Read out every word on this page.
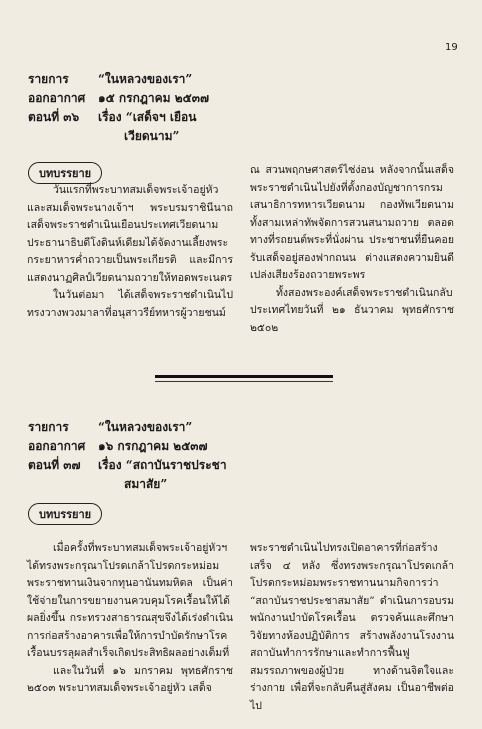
19
รายการ “ในหลวงของเรา”
ออกอากาศ ๑๕ กรกฎาคม ๒๕๓๗
ตอนที่ ๓๖ เรื่อง “เสด็จฯ เยือน
เวียดนาม”
บทบรรยาย

วันแรกที่พระบาทสมเด็จพระเจ้าอยู่หัว และสมเด็จพระนางเจ้าฯ พระบรมราชินีนาถ เสด็จพระราชดำเนินเยือนประเทศเวียดนาม ประธานาธิบดีโงดินห์เดียมได้จัดงานเลี้ยงพระกระยาหารค่ำถวายเป็นพระเกียรติ และมีการแสดงนาฏศิลป์เวียดนามถวายให้ทอดพระเนตร

ในวันต่อมา ได้เสด็จพระราชดำเนินไปทรงวางพวงมาลาที่อนุสาวรีย์ทหารผู้วายชนม์

ณ สวนพฤกษศาสตร์ไซ่ง่อน หลังจากนั้นเสด็จพระราชดำเนินไปยังที่ตั้งกองบัญชาการกรมเสนาธิการทหารเวียดนาม กองทัพเวียดนามทั้งสามเหล่าทัพจัดการสวนสนามถวาย ตลอดทางที่รถยนต์พระที่นั่งผ่าน ประชาชนที่ยืนคอยรับเสด็จอยู่สองฟากถนน ต่างแสดงความยินดีเปล่งเสียงร้องถวายพระพร

ทั้งสองพระองค์เสด็จพระราชดำเนินกลับประเทศไทยวันที่ ๒๑ ธันวาคม พุทธศักราช ๒๕๐๒

รายการ “ในหลวงของเรา”
ออกอากาศ ๑๖ กรกฎาคม ๒๕๓๗
ตอนที่ ๓๗ เรื่อง “สถาบันราชประชา
สมาสัย”
บทบรรยาย

เมื่อครั้งที่พระบาทสมเด็จพระเจ้าอยู่หัวฯ ได้ทรงพระกรุณาโปรดเกล้าโปรดกระหม่อมพระราชทานเงินจากทุนอานันทมหิดล เป็นค่าใช้จ่ายในการขยายงานควบคุมโรคเรื้อนให้ได้ผลยิ่งขึ้น กระทรวงสาธารณสุขจึงได้เร่งดำเนินการก่อสร้างอาคารเพื่อให้การบำบัดรักษาโรคเรื้อนบรรลุผลสำเร็จเกิดประสิทธิผลอย่างเต็มที่

และในวันที่ ๑๖ มกราคม พุทธศักราช ๒๕๐๓ พระบาทสมเด็จพระเจ้าอยู่หัว เสด็จ

พระราชดำเนินไปทรงเปิดอาคารที่ก่อสร้างเสร็จ ๔ หลัง ซึ่งทรงพระกรุณาโปรดเกล้าโปรดกระหม่อมพระราชทานนามกิจการว่า “สถาบันราชประชาสมาสัย” ดำเนินการอบรมพนักงานบำบัดโรคเรื้อน ตรวจค้นและศึกษาวิจัยทางห้องปฏิบัติการ สร้างพลังงานโรงงาน สถาบันทำการรักษาและทำการฟื้นฟูสมรรถภาพของผู้ป่วย ทางด้านจิตใจและร่างกาย เพื่อที่จะกลับคืนสู่สังคม เป็นอาชีพต่อไป
